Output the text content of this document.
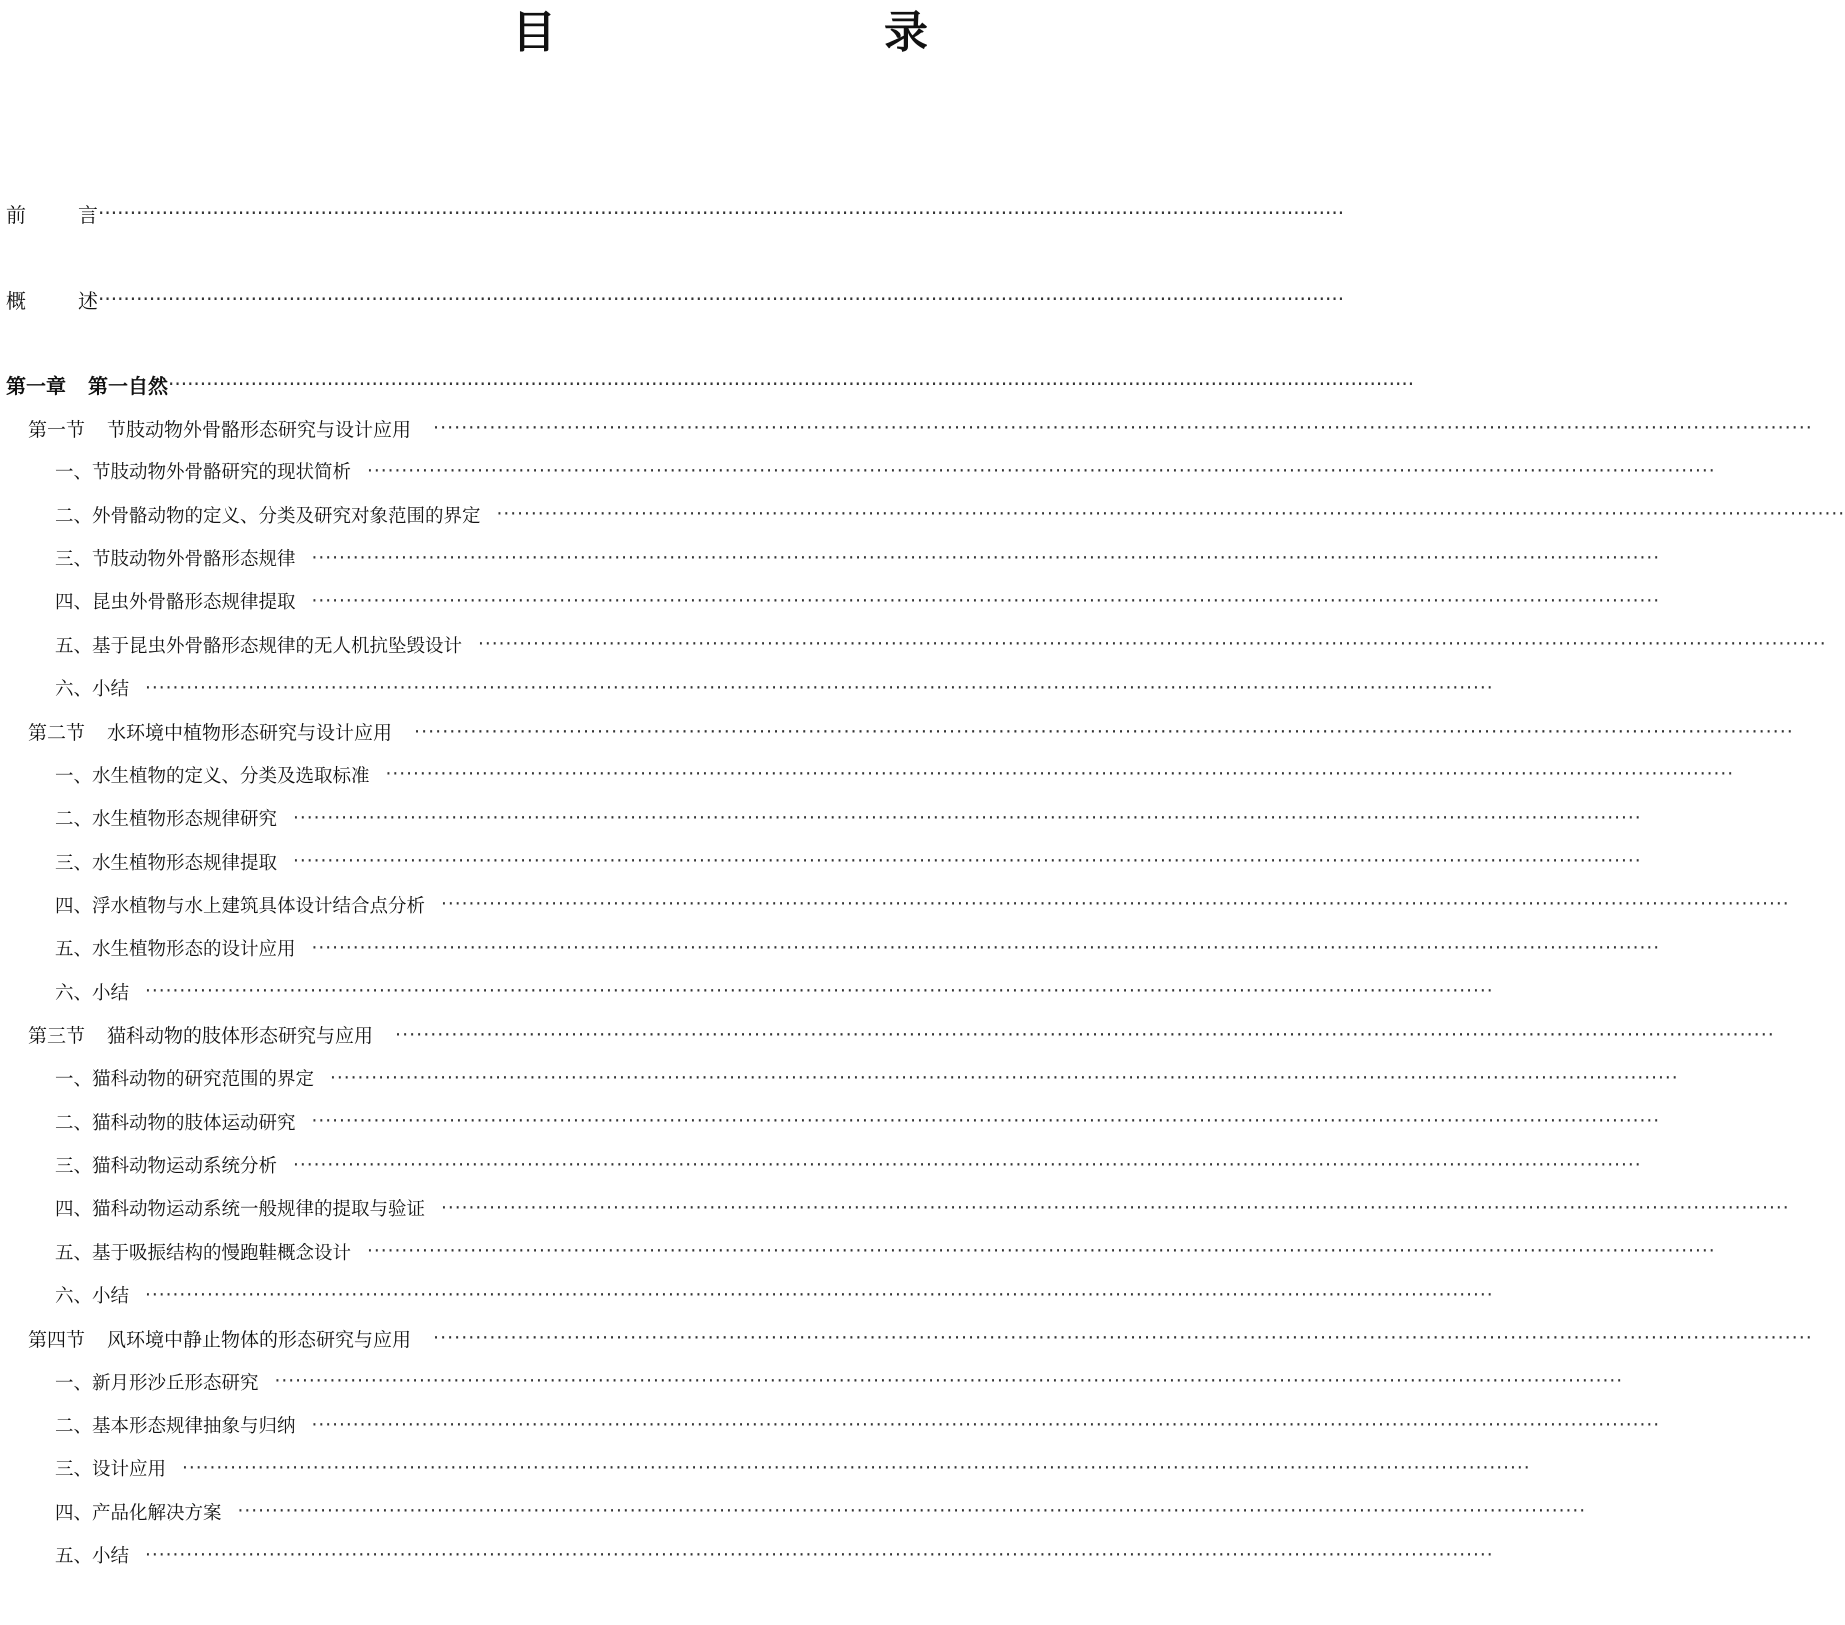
目　　录
前	言
·····
概	述
·····
第一章 第一自然
·····
第一节 节肢动物外骨骼形态研究与设计应用
·····
一、节肢动物外骨骼研究的现状简析
·····
二、外骨骼动物的定义、分类及研究对象范围的界定
·····
三、节肢动物外骨骼形态规律
·····
四、昆虫外骨骼形态规律提取
·····
五、基于昆虫外骨骼形态规律的无人机抗坠毁设计
·····
六、小结
·····
第二节 水环境中植物形态研究与设计应用
·····
一、水生植物的定义、分类及选取标准
·····
二、水生植物形态规律研究
·····
三、水生植物形态规律提取
·····
四、浮水植物与水上建筑具体设计结合点分析
·····
五、水生植物形态的设计应用
·····
六、小结
·····
第三节 猫科动物的肢体形态研究与应用
·····
一、猫科动物的研究范围的界定
·····
二、猫科动物的肢体运动研究
·····
三、猫科动物运动系统分析
·····
四、猫科动物运动系统一般规律的提取与验证
·····
五、基于吸振结构的慢跑鞋概念设计
·····
六、小结
·····
第四节 风环境中静止物体的形态研究与应用
·····
一、新月形沙丘形态研究
·····
二、基本形态规律抽象与归纳
·····
三、设计应用
·····
四、产品化解决方案
·····
五、小结
·····
